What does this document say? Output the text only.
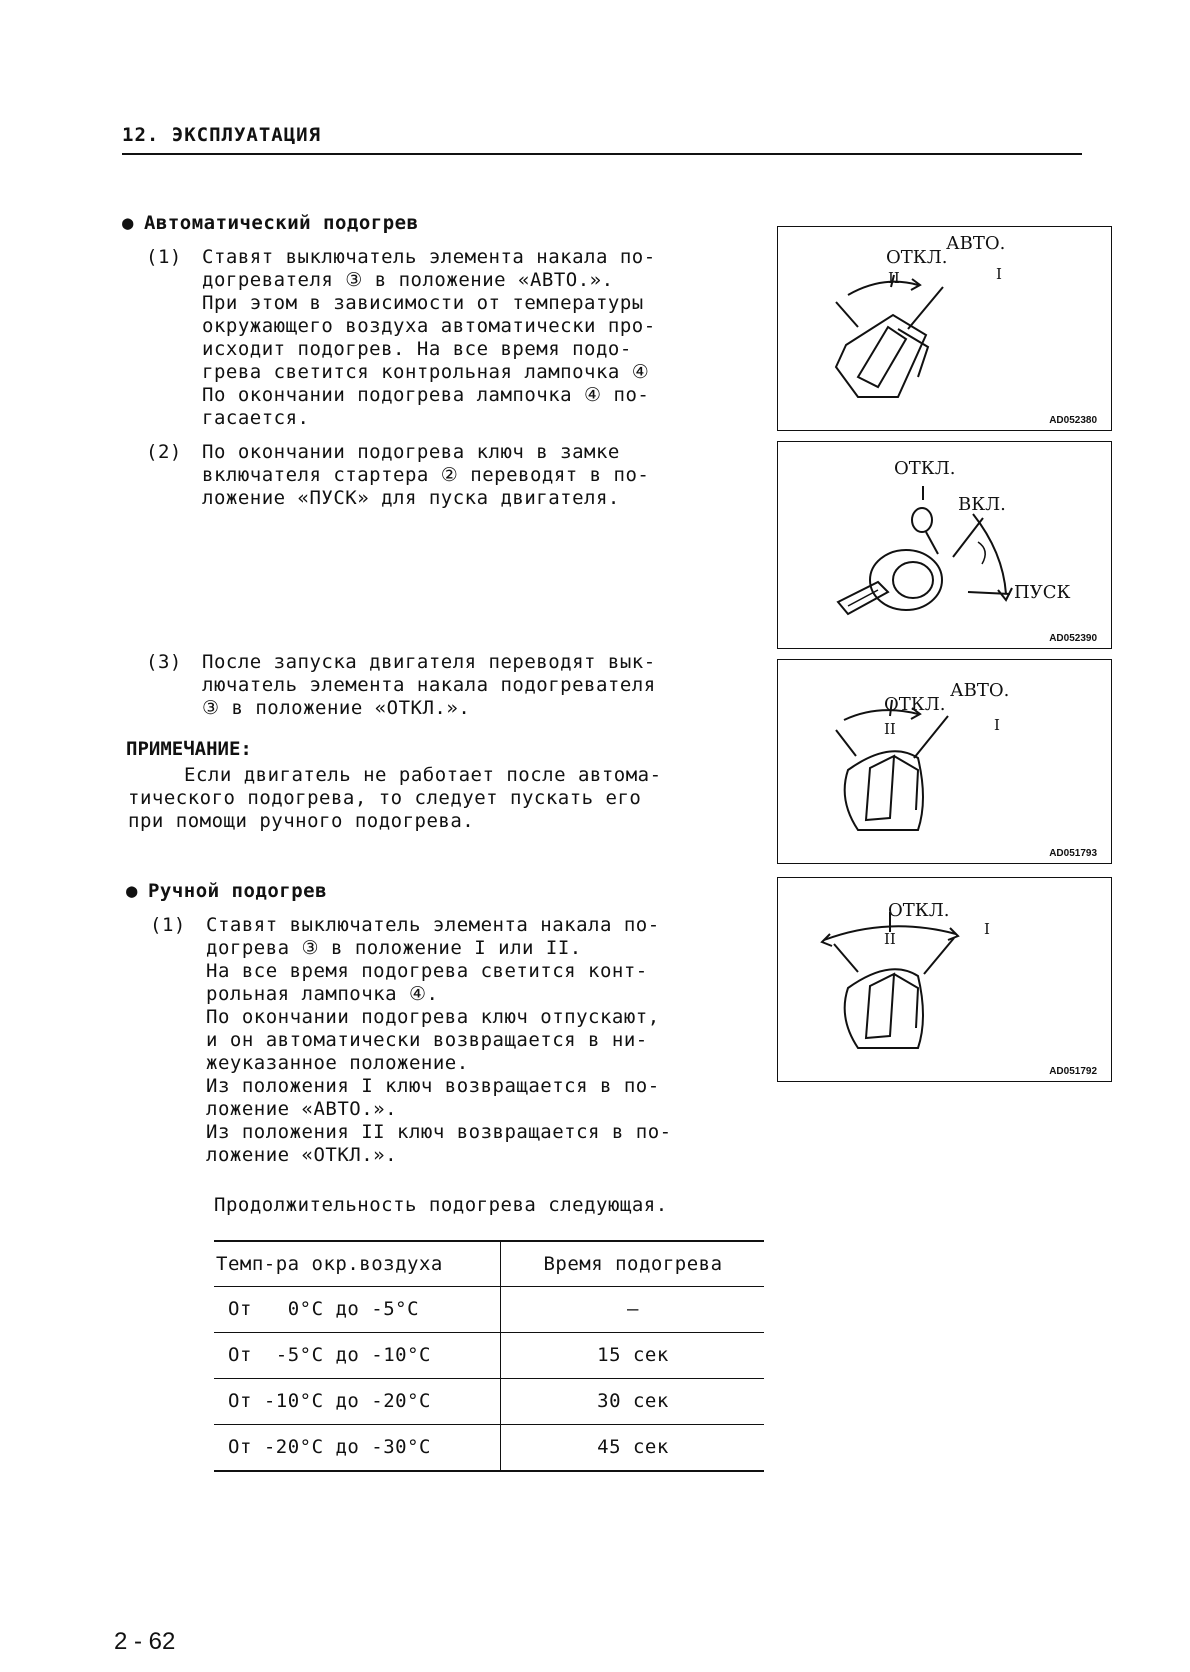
12. ЭКСПЛУАТАЦИЯ
● Автоматический подогрев
(1) Ставят выключатель элемента накала по-

догревателя ③ в положение «АВТО.».

При этом в зависимости от температуры

окружающего воздуха автоматически про-

исходит подогрев. На все время подо-

грева светится контрольная лампочка ④

По окончании подогрева лампочка ④ по-

гасается.

(2) По окончании подогрева ключ в замке

включателя стартера ② переводят в по-

ложение «ПУСК» для пуска двигателя.

(3) После запуска двигателя переводят вык-

лючатель элемента накала подогревателя

③ в положение «ОТКЛ.».

ПРИМЕЧАНИЕ:
Если двигатель не работает после автома-
тического подогрева, то следует пускать его
при помощи ручного подогрева.
● Ручной подогрев
(1) Ставят выключатель элемента накала по-

догрева ③ в положение I или II.

На все время подогрева светится конт-

рольная лампочка ④.

По окончании подогрева ключ отпускают,

и он автоматически возвращается в ни-

жеуказанное положение.

Из положения I ключ возвращается в по-

ложение «АВТО.».

Из положения II ключ возвращается в по-

ложение «ОТКЛ.».

Продолжительность подогрева следующая.
Темп-ра окр.воздуха	Время подогрева
От   0°С до -5°С	—
От  -5°С до -10°С	15 сек
От -10°С до -20°С	30 сек
От -20°С до -30°С	45 сек
ОТКЛ.
АВТО.
II	I
AD052380
ОТКЛ.
ВКЛ.
ПУСК
AD052390
ОТКЛ.
АВТО.
II	I
AD051793
ОТКЛ.
II
I
AD051792
2 - 62
